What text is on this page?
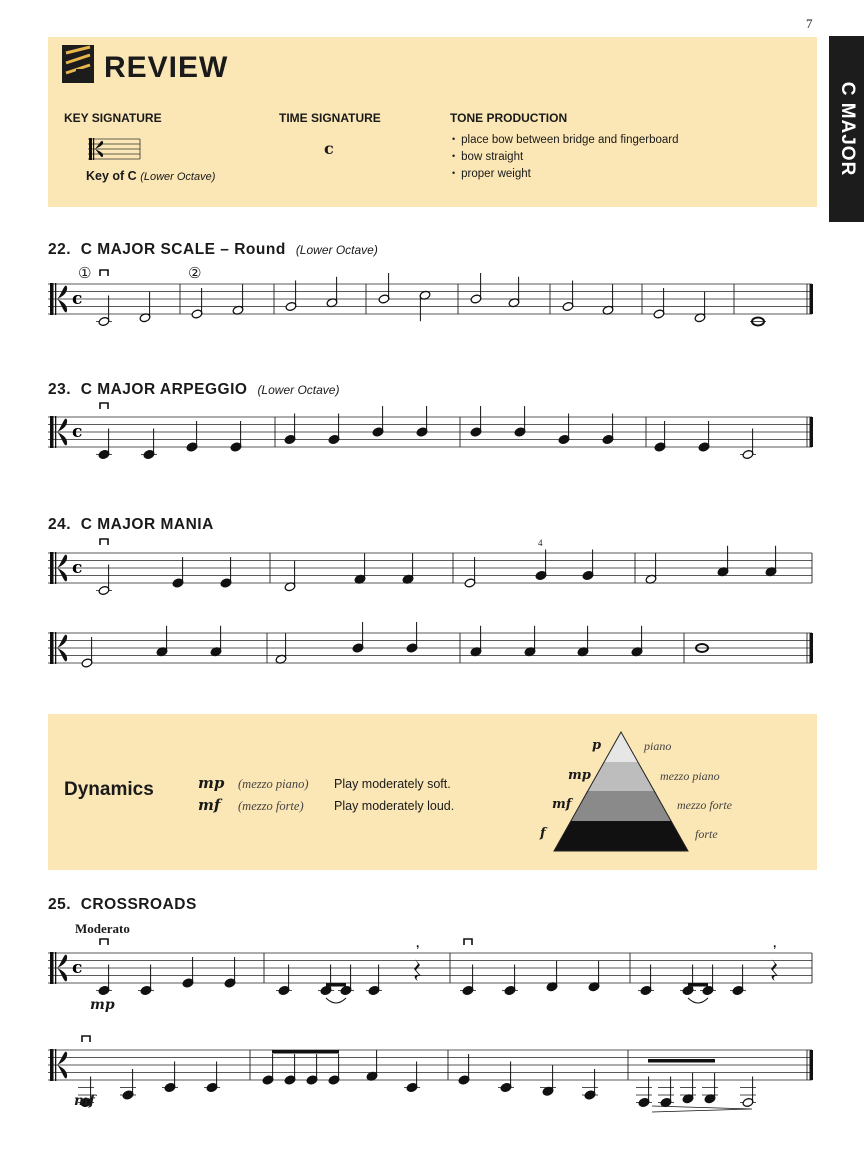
7
C MAJOR
REVIEW
KEY SIGNATURE	TIME SIGNATURE	TONE PRODUCTION
Key of C (Lower Octave)
c
•	place bow between bridge and fingerboard
• bow straight
• proper weight
22. C MAJOR SCALE – Round (Lower Octave)
①	②
c
23. C MAJOR ARPEGGIO (Lower Octave)
c
24. C MAJOR MANIA
4
c
Dynamics	mp (mezzo piano) Play moderately soft.
mf (mezzo forte) Play moderately loud.
p
mp
mf
f
piano
mezzo piano
mezzo forte
forte
25. CROSSROADS
Moderato
c
,	,
mp
mf
